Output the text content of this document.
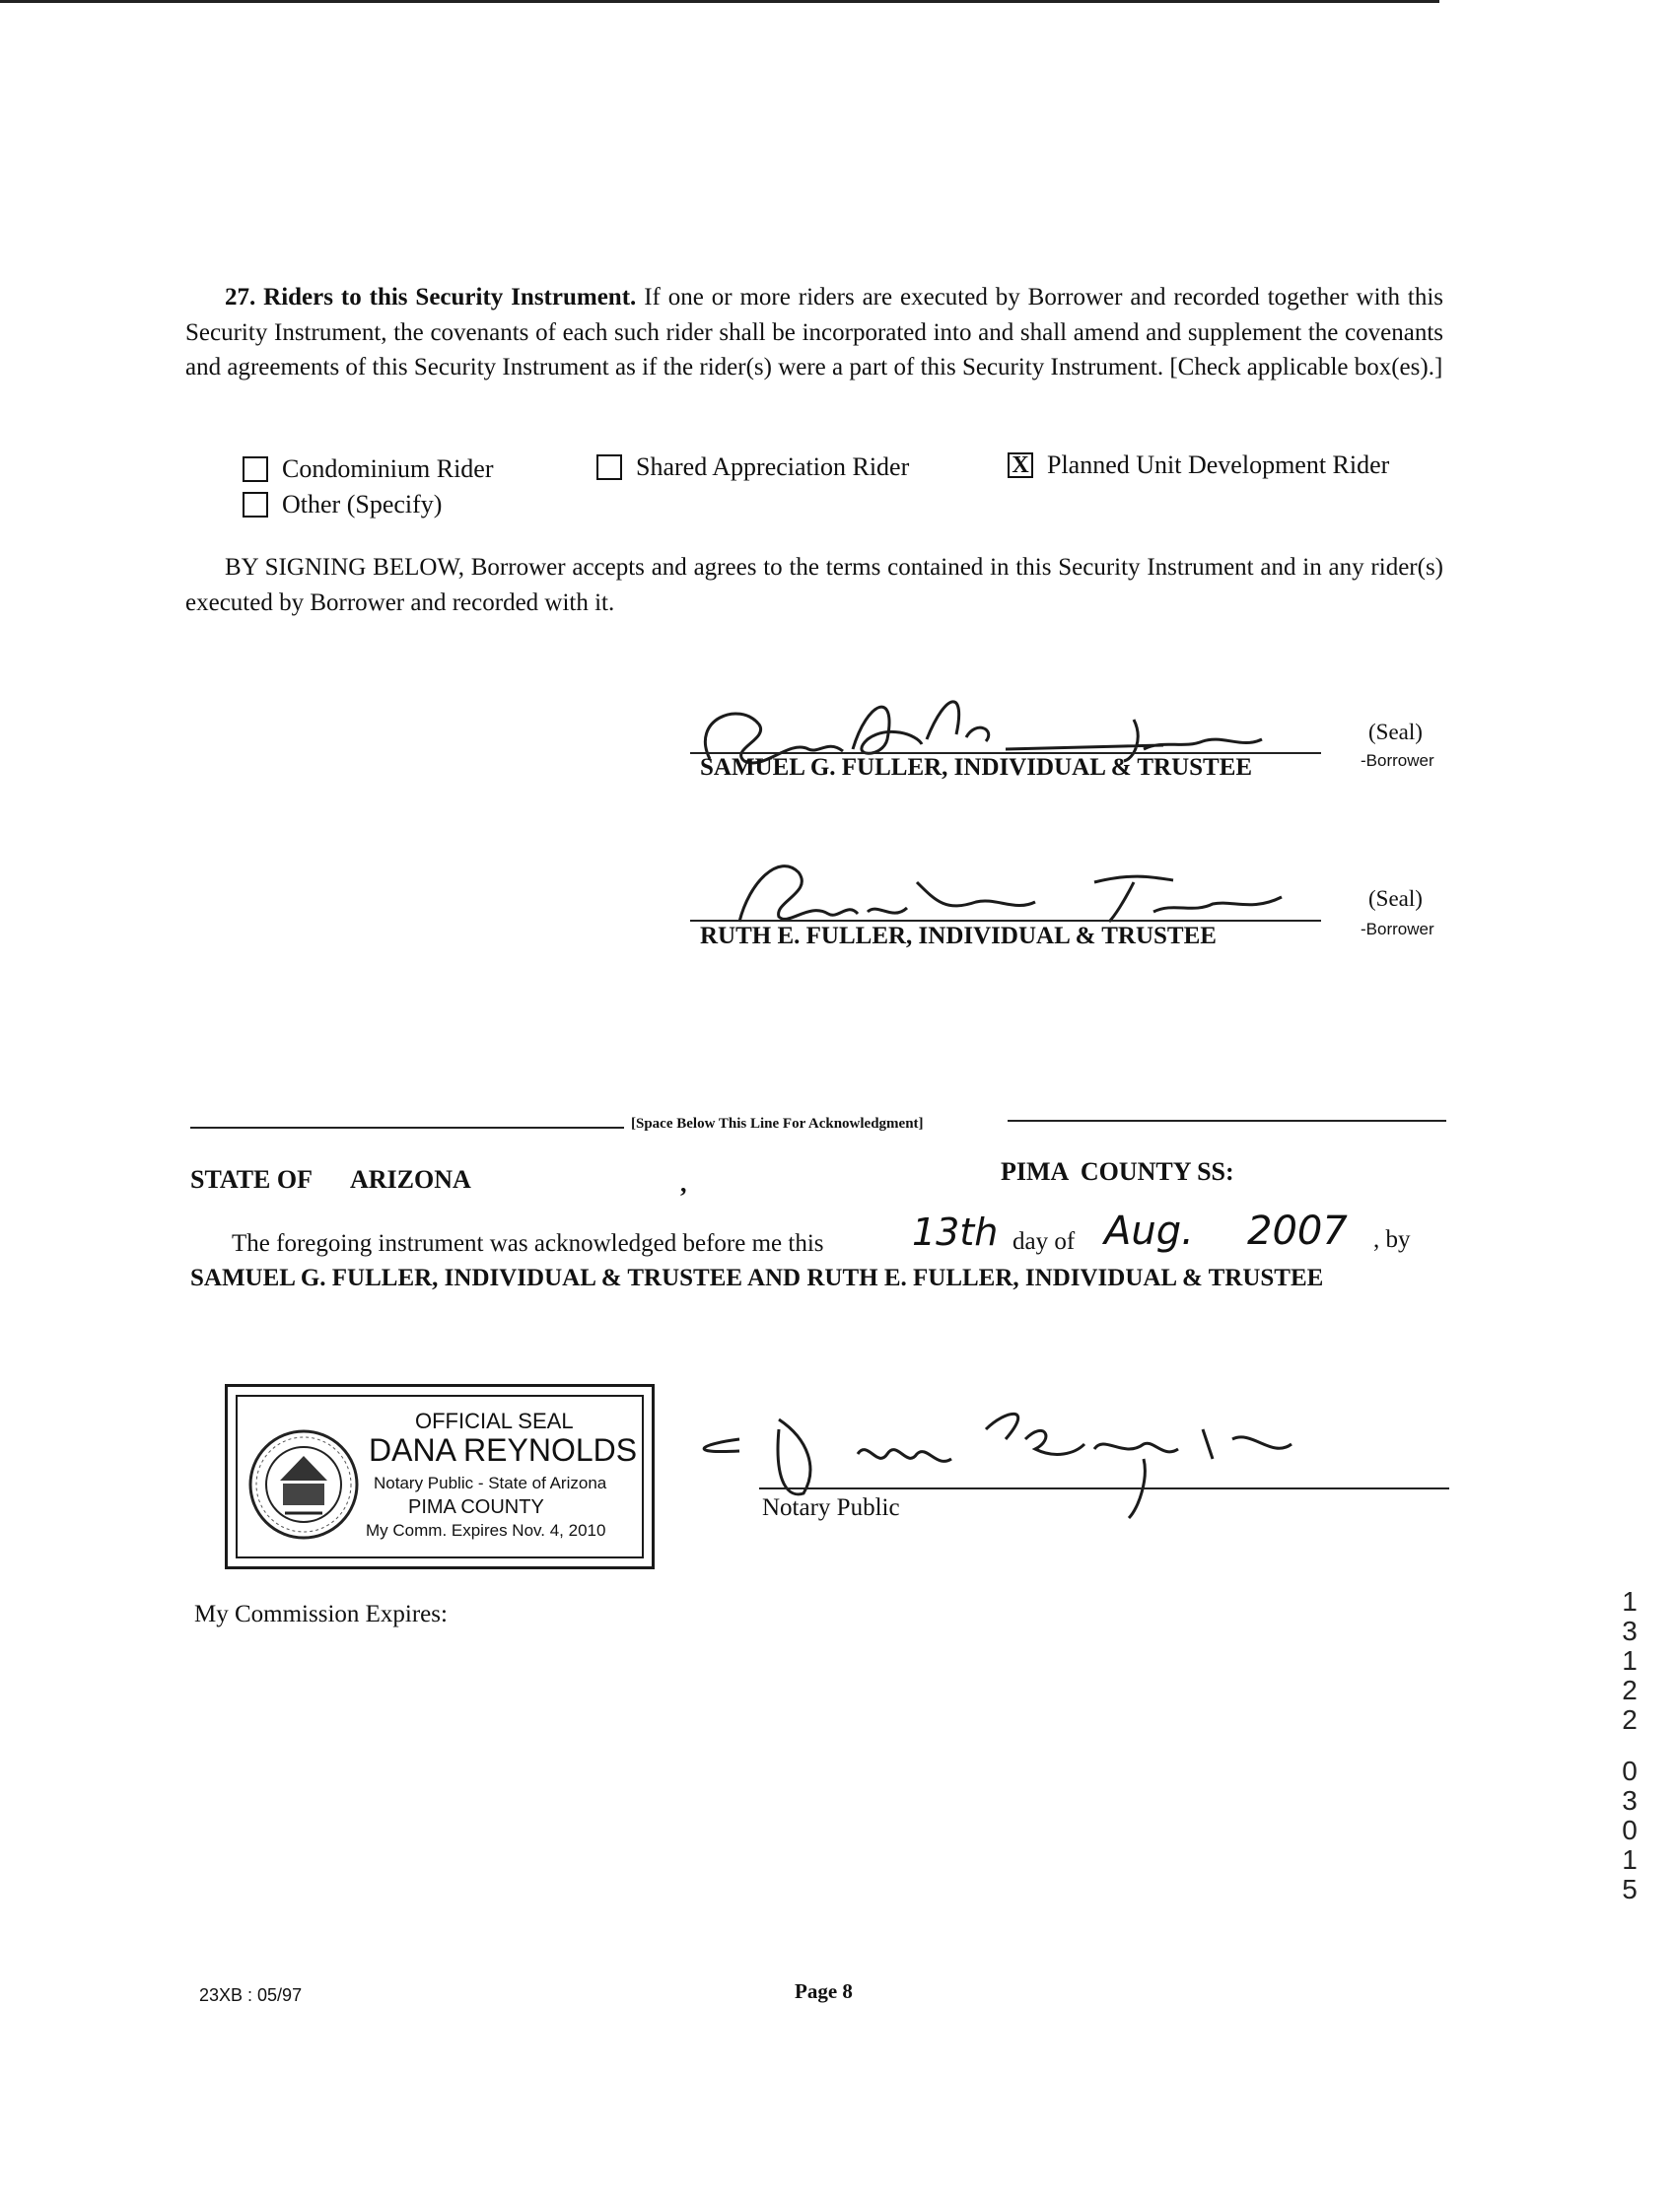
27. Riders to this Security Instrument. If one or more riders are executed by Borrower and recorded together with this Security Instrument, the covenants of each such rider shall be incorporated into and shall amend and supplement the covenants and agreements of this Security Instrument as if the rider(s) were a part of this Security Instrument. [Check applicable box(es).]
Condominium Rider	Shared Appreciation Rider	X Planned Unit Development Rider
Other (Specify)
BY SIGNING BELOW, Borrower accepts and agrees to the terms contained in this Security Instrument and in any rider(s) executed by Borrower and recorded with it.
SAMUEL G. FULLER, INDIVIDUAL & TRUSTEE
(Seal)
-Borrower
RUTH E. FULLER, INDIVIDUAL & TRUSTEE
(Seal)
-Borrower
[Space Below This Line For Acknowledgment]
STATE OF ARIZONA	,	PIMA  COUNTY SS:
The foregoing instrument was acknowledged before me this 13th day of Aug. 2007 , by
SAMUEL G. FULLER, INDIVIDUAL & TRUSTEE AND RUTH E. FULLER, INDIVIDUAL & TRUSTEE
OFFICIAL SEAL
DANA REYNOLDS
Notary Public - State of Arizona
PIMA COUNTY
My Comm. Expires Nov. 4, 2010
Notary Public
My Commission Expires:	1
3
1
2
2
0
3
0
1
5
23XB : 05/97	Page 8
